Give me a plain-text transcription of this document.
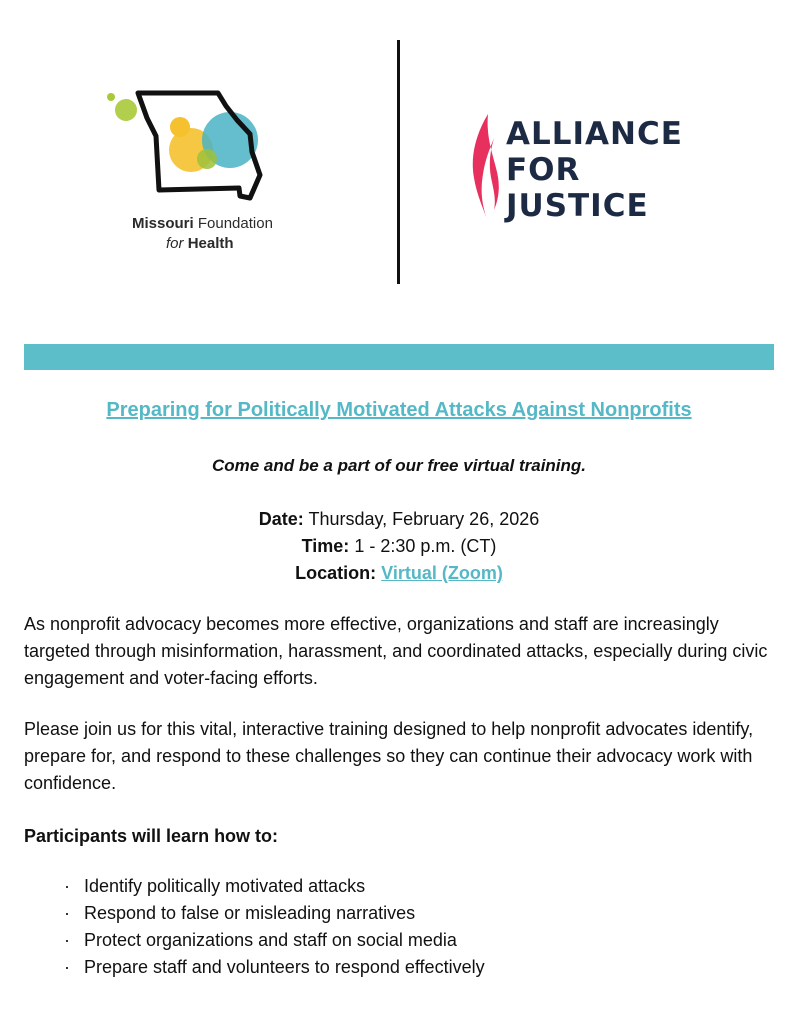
Missouri Foundation
for Health
ALLIANCE
FOR
JUSTICE
Preparing for Politically Motivated Attacks Against Nonprofits
Come and be a part of our free virtual training.
Date: Thursday, February 26, 2026
Time: 1 - 2:30 p.m. (CT)
Location: Virtual (Zoom)
As nonprofit advocacy becomes more effective, organizations and staff are increasingly targeted through misinformation, harassment, and coordinated attacks, especially during civic engagement and voter-facing efforts.
Please join us for this vital, interactive training designed to help nonprofit advocates identify, prepare for, and respond to these challenges so they can continue their advocacy work with confidence.
Participants will learn how to:
· Identify politically motivated attacks
· Respond to false or misleading narratives
· Protect organizations and staff on social media
· Prepare staff and volunteers to respond effectively
